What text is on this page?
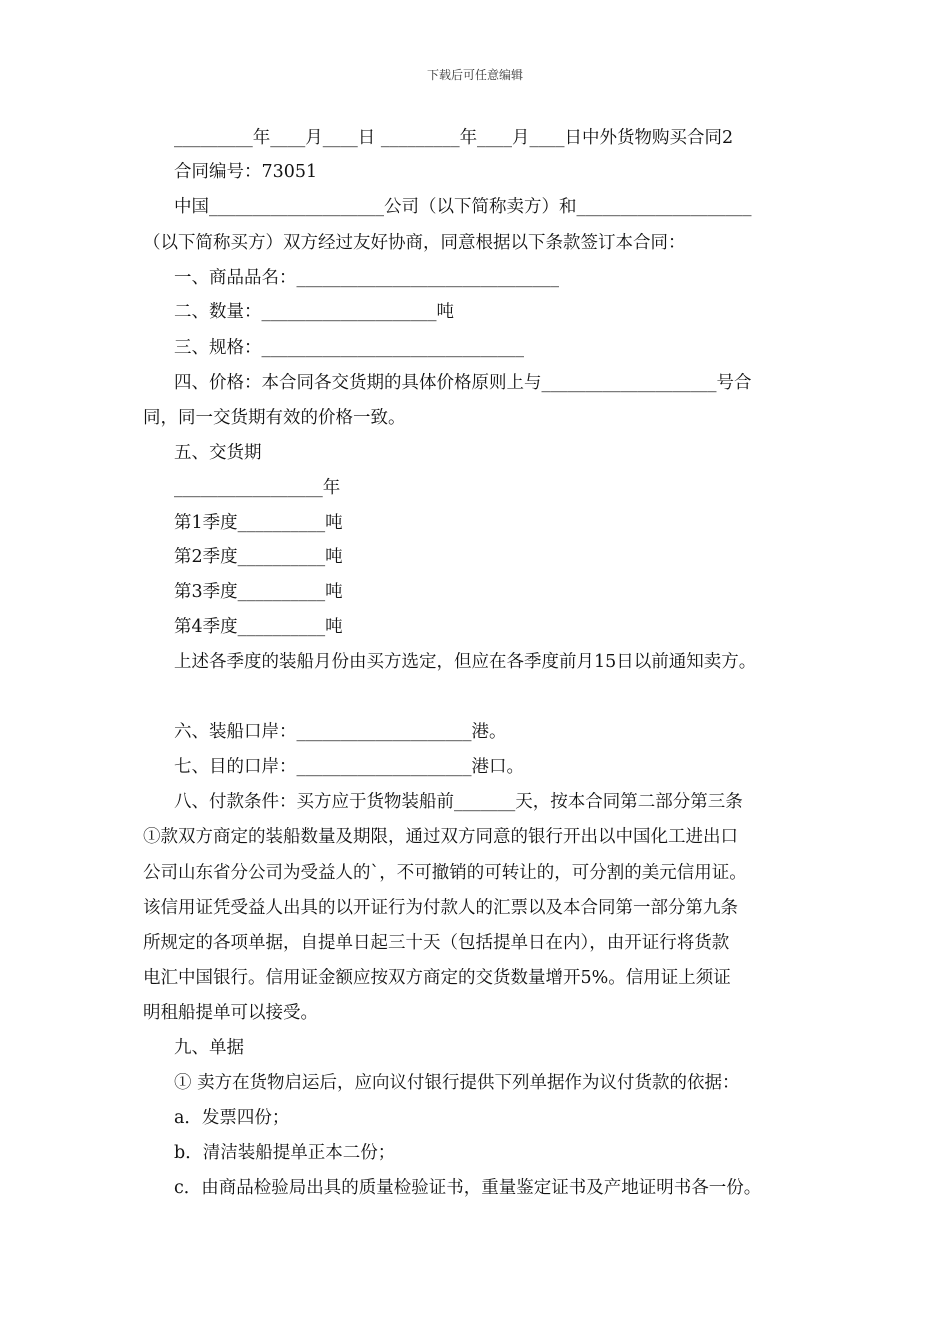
下载后可任意编辑
_________年____月____日 _________年____月____日中外货物购买合同2
合同编号：73051
中国____________________公司（以下简称卖方）和____________________
（以下简称买方）双方经过友好协商，同意根据以下条款签订本合同：
一、商品品名：______________________________
二、数量：____________________吨
三、规格：______________________________
四、价格：本合同各交货期的具体价格原则上与____________________号合
同，同一交货期有效的价格一致。
五、交货期
_________________年
第1季度__________吨
第2季度__________吨
第3季度__________吨
第4季度__________吨
上述各季度的装船月份由买方选定，但应在各季度前月15日以前通知卖方。
六、装船口岸：____________________港。
七、目的口岸：____________________港口。
八、付款条件：买方应于货物装船前_______天，按本合同第二部分第三条
①款双方商定的装船数量及期限，通过双方同意的银行开出以中国化工进出口
公司山东省分公司为受益人的`，不可撤销的可转让的，可分割的美元信用证。
该信用证凭受益人出具的以开证行为付款人的汇票以及本合同第一部分第九条
所规定的各项单据，自提单日起三十天（包括提单日在内），由开证行将货款
电汇中国银行。信用证金额应按双方商定的交货数量增开5%。信用证上须证
明租船提单可以接受。
九、单据
① 卖方在货物启运后，应向议付银行提供下列单据作为议付货款的依据：
a．发票四份；
b．清洁装船提单正本二份；
c．由商品检验局出具的质量检验证书，重量鉴定证书及产地证明书各一份。
